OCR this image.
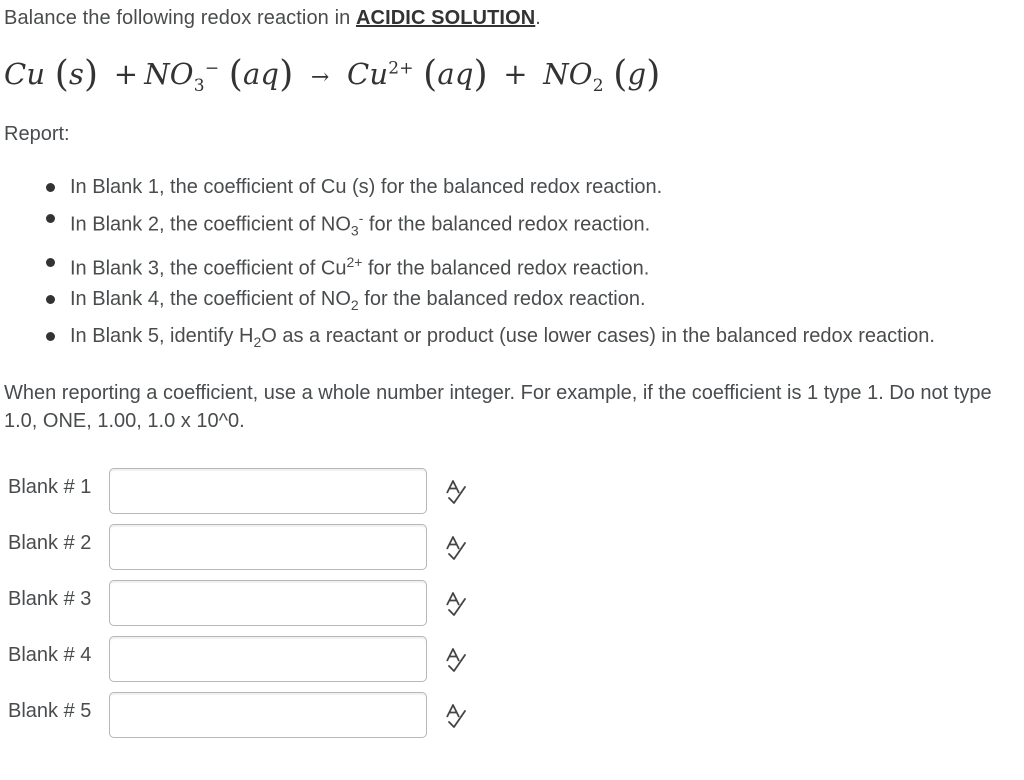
Balance the following redox reaction in ACIDIC SOLUTION.
Cu $(s) + NO_3^-$ $(aq) \to Cu^{2+}$ $(aq) + NO_2$ (g)
Report:
In Blank 1, the coefficient of Cu (s) for the balanced redox reaction.
In Blank 2, the coefficient of $NO_3^-$ for the balanced redox reaction.
In Blank 3, the coefficient of $Cu^{2+}$ for the balanced redox reaction.
In Blank 4, the coefficient of $NO_2$ for the balanced redox reaction.
In Blank 5, identify $H_2O$ as a reactant or product (use lower cases) in the balanced redox reaction.
When reporting a coefficient, use a whole number integer. For example, if the coefficient is 1 type 1. Do not type 1.0, ONE, 1.00, 1.0 x 10^0.
Blank # 1
Blank # 2
Blank # 3
Blank # 4
Blank # 5
